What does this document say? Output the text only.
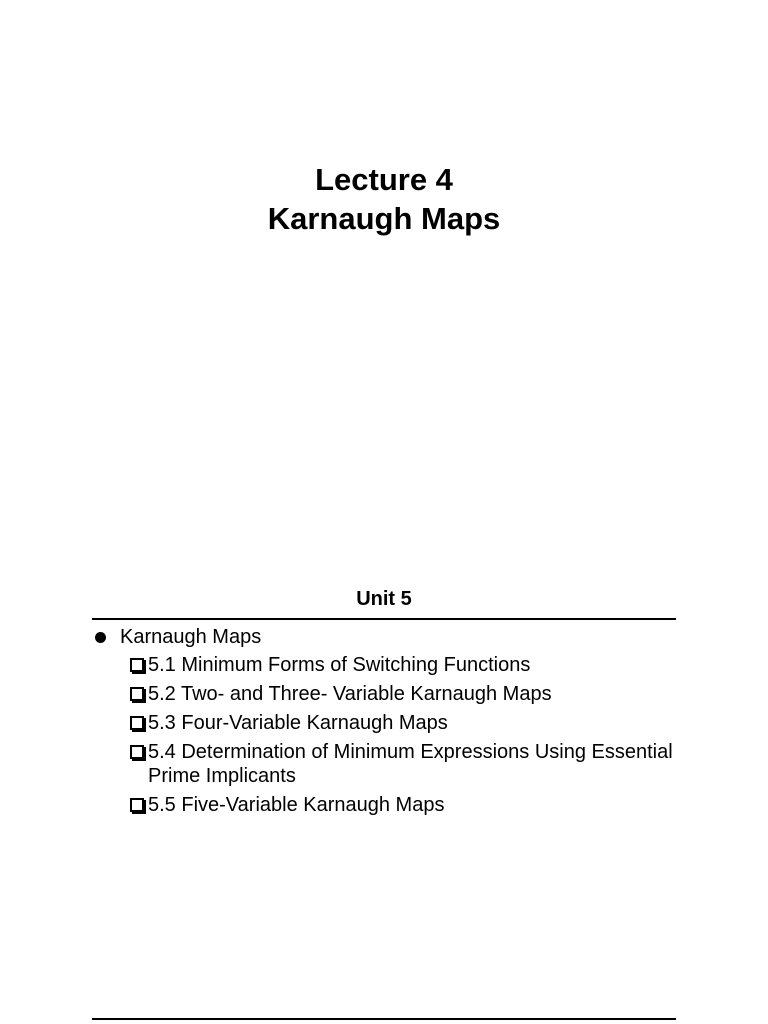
Lecture 4

Karnaugh Maps

Unit 5

Karnaugh Maps
5.1 Minimum Forms of Switching Functions
5.2 Two- and Three- Variable Karnaugh Maps
5.3 Four-Variable Karnaugh Maps
5.4 Determination of Minimum Expressions Using Essential Prime Implicants
5.5 Five-Variable Karnaugh Maps
